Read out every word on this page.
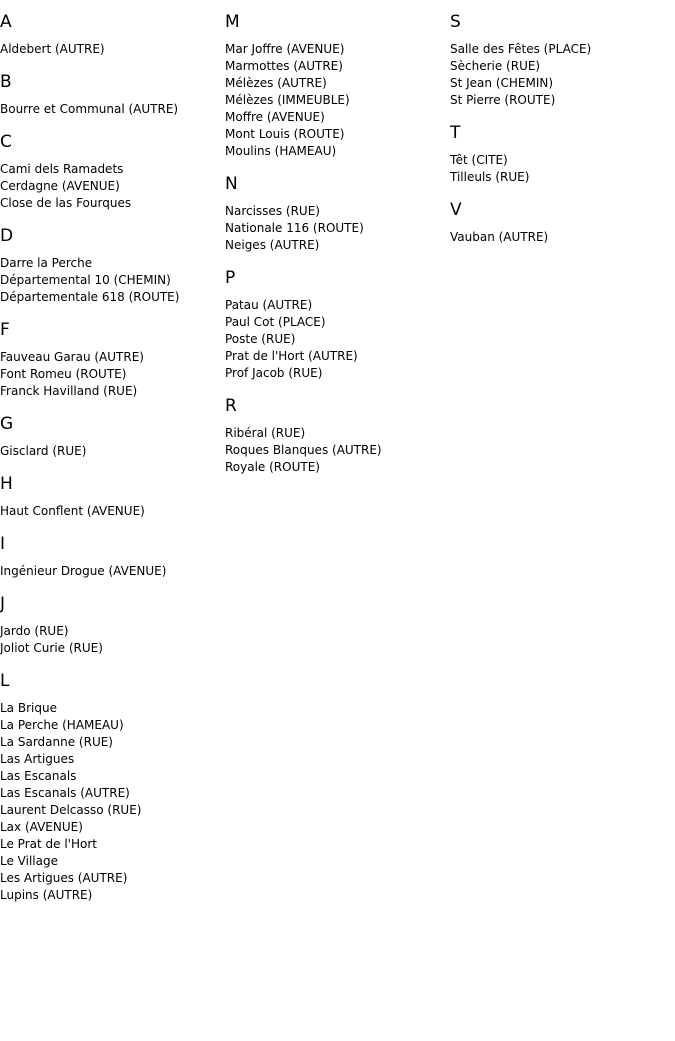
A
Aldebert (AUTRE)
B
Bourre et Communal (AUTRE)
C
Cami dels Ramadets
Cerdagne (AVENUE)
Close de las Fourques
D
Darre la Perche
Départemental 10 (CHEMIN)
Départementale 618 (ROUTE)
F
Fauveau Garau (AUTRE)
Font Romeu (ROUTE)
Franck Havilland (RUE)
G
Gisclard (RUE)
H
Haut Conflent (AVENUE)
I
Ingénieur Drogue (AVENUE)
J
Jardo (RUE)
Joliot Curie (RUE)
L
La Brique
La Perche (HAMEAU)
La Sardanne (RUE)
Las Artigues
Las Escanals
Las Escanals (AUTRE)
Laurent Delcasso (RUE)
Lax (AVENUE)
Le Prat de l'Hort
Le Village
Les Artigues (AUTRE)
Lupins (AUTRE)
M
Mar Joffre (AVENUE)
Marmottes (AUTRE)
Mélèzes (AUTRE)
Mélèzes (IMMEUBLE)
Moffre (AVENUE)
Mont Louis (ROUTE)
Moulins (HAMEAU)
N
Narcisses (RUE)
Nationale 116 (ROUTE)
Neiges (AUTRE)
P
Patau (AUTRE)
Paul Cot (PLACE)
Poste (RUE)
Prat de l'Hort (AUTRE)
Prof Jacob (RUE)
R
Ribéral (RUE)
Roques Blanques (AUTRE)
Royale (ROUTE)
S
Salle des Fêtes (PLACE)
Sècherie (RUE)
St Jean (CHEMIN)
St Pierre (ROUTE)
T
Têt (CITE)
Tilleuls (RUE)
V
Vauban (AUTRE)
